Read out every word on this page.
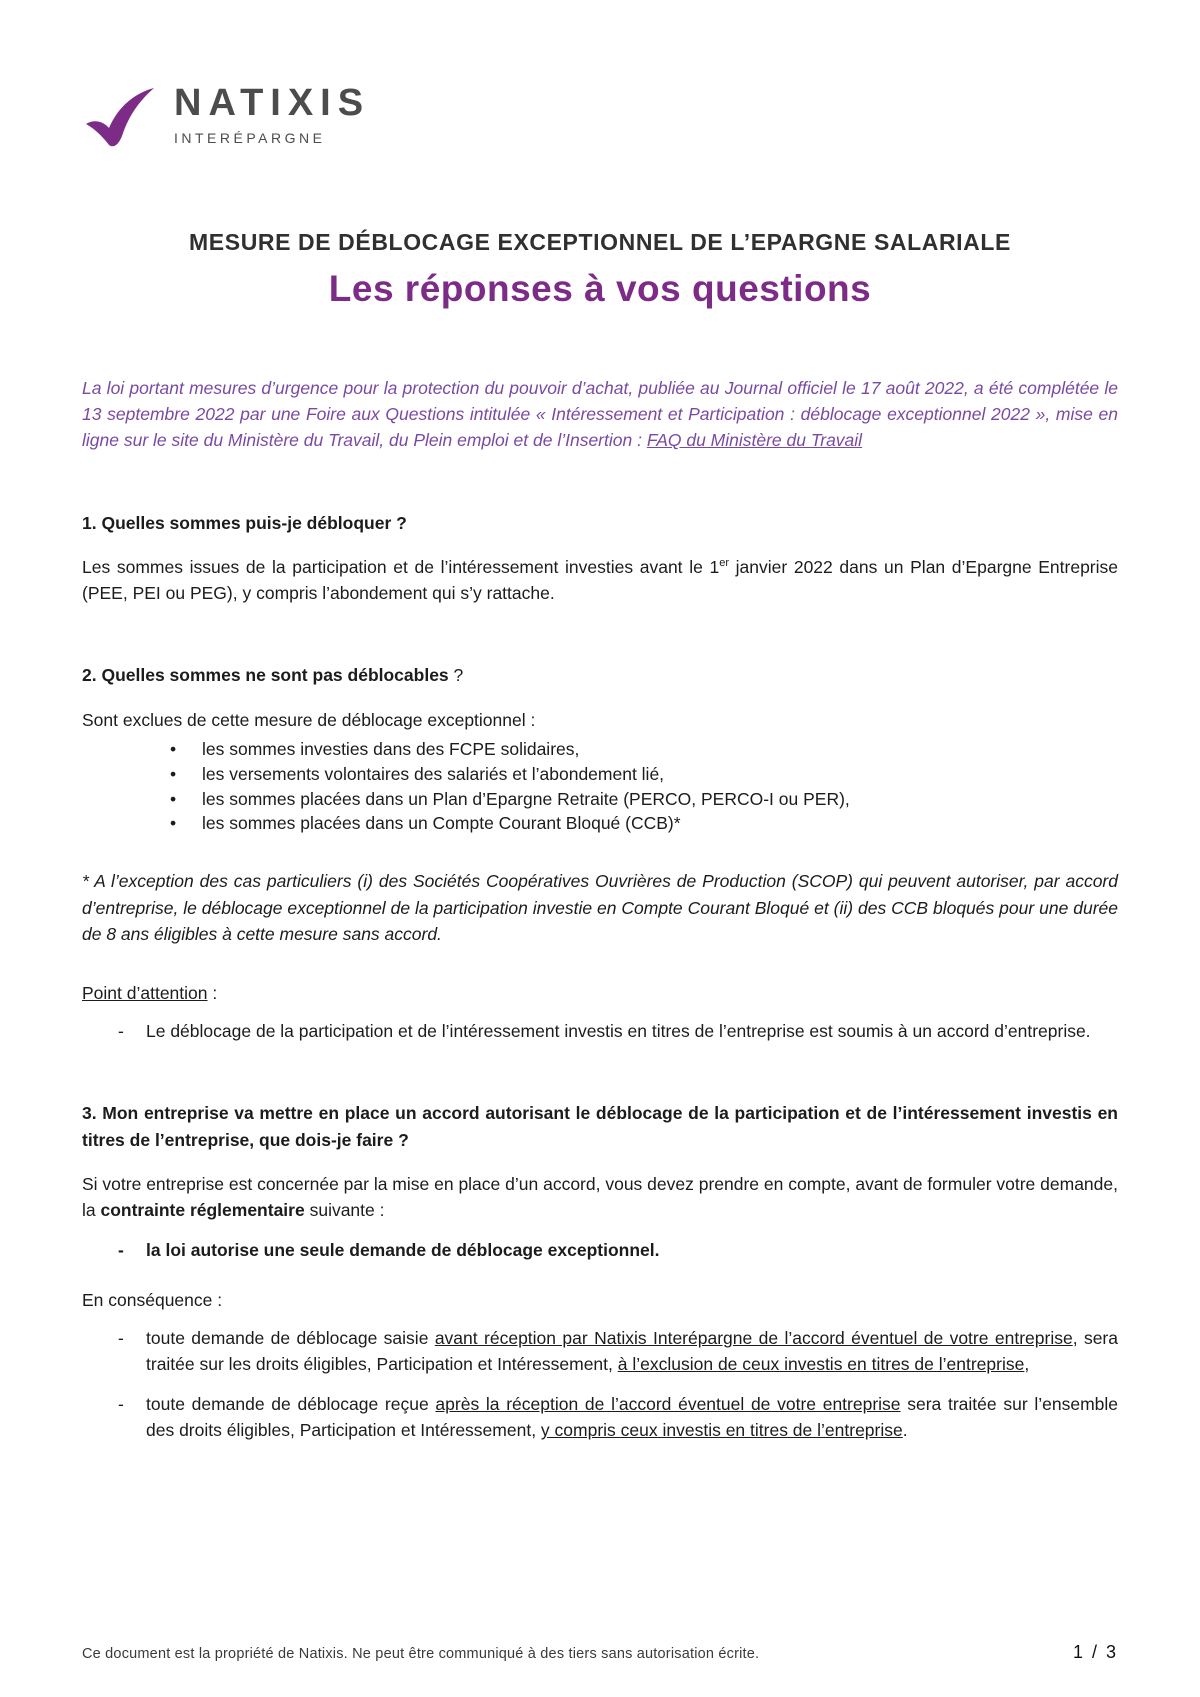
NATIXIS
INTERÉPARGNE
MESURE DE DÉBLOCAGE EXCEPTIONNEL DE L’EPARGNE SALARIALE
Les réponses à vos questions

La loi portant mesures d’urgence pour la protection du pouvoir d’achat, publiée au Journal officiel le 17 août 2022, a été complétée le 13 septembre 2022 par une Foire aux Questions intitulée « Intéressement et Participation : déblocage exceptionnel 2022 », mise en ligne sur le site du Ministère du Travail, du Plein emploi et de l’Insertion : FAQ du Ministère du Travail

1. Quelles sommes puis-je débloquer ?

Les sommes issues de la participation et de l’intéressement investies avant le 1er janvier 2022 dans un Plan d’Epargne Entreprise (PEE, PEI ou PEG), y compris l’abondement qui s’y rattache.

2. Quelles sommes ne sont pas déblocables ?

Sont exclues de cette mesure de déblocage exceptionnel :

• les sommes investies dans des FCPE solidaires,
• les versements volontaires des salariés et l’abondement lié,
• les sommes placées dans un Plan d’Epargne Retraite (PERCO, PERCO-I ou PER),
• les sommes placées dans un Compte Courant Bloqué (CCB)*

* A l’exception des cas particuliers (i) des Sociétés Coopératives Ouvrières de Production (SCOP) qui peuvent autoriser, par accord d’entreprise, le déblocage exceptionnel de la participation investie en Compte Courant Bloqué et (ii) des CCB bloqués pour une durée de 8 ans éligibles à cette mesure sans accord.

Point d’attention :

- Le déblocage de la participation et de l’intéressement investis en titres de l’entreprise est soumis à un accord d’entreprise.
3. Mon entreprise va mettre en place un accord autorisant le déblocage de la participation et de l’intéressement investis en titres de l’entreprise, que dois-je faire ?

Si votre entreprise est concernée par la mise en place d’un accord, vous devez prendre en compte, avant de formuler votre demande, la contrainte réglementaire suivante :

- la loi autorise une seule demande de déblocage exceptionnel.

En conséquence :

- toute demande de déblocage saisie avant réception par Natixis Interépargne de l’accord éventuel de votre entreprise, sera traitée sur les droits éligibles, Participation et Intéressement, à l’exclusion de ceux investis en titres de l’entreprise,
- toute demande de déblocage reçue après la réception de l’accord éventuel de votre entreprise sera traitée sur l’ensemble des droits éligibles, Participation et Intéressement, y compris ceux investis en titres de l’entreprise.
Ce document est la propriété de Natixis. Ne peut être communiqué à des tiers sans autorisation écrite.	1 / 3
